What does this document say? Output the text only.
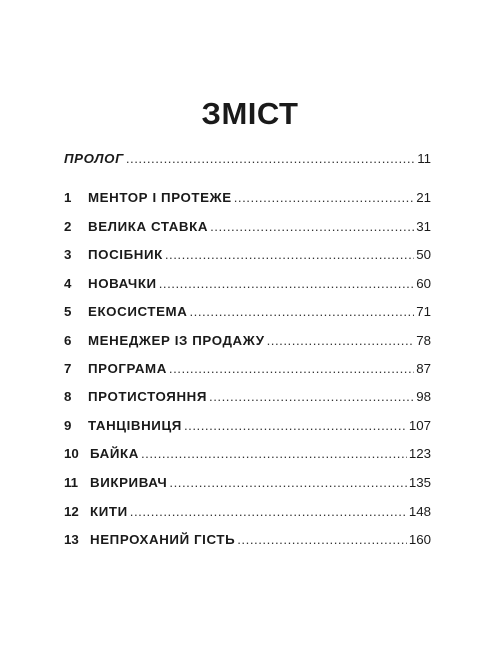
ЗМІСТ
ПРОЛОГ .....	11
1	МЕНТОР І ПРОТЕЖЕ .....	21
2	ВЕЛИКА СТАВКА .....	31
3	ПОСІБНИК .....	50
4	НОВАЧКИ .....	60
5	ЕКОСИСТЕМА .....	71
6	МЕНЕДЖЕР ІЗ ПРОДАЖУ .....	78
7	ПРОГРАМА .....	87
8	ПРОТИСТОЯННЯ .....	98
9	ТАНЦІВНИЦЯ .....	107
10 БАЙКА .....	123
11 ВИКРИВАЧ .....	135
12 КИТИ .....	148
13 НЕПРОХАНИЙ ГІСТЬ .....	160
